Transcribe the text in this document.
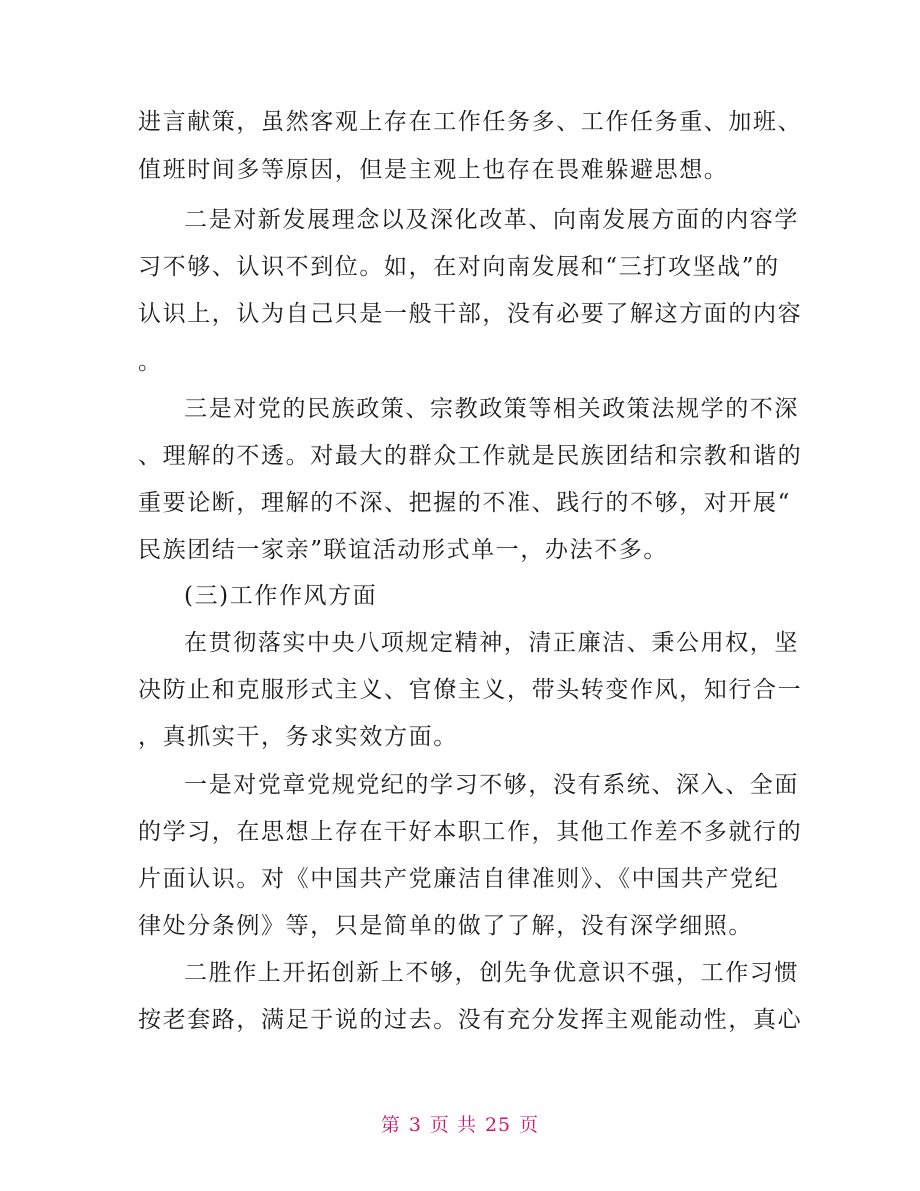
进言献策，虽然客观上存在工作任务多、工作任务重、加班、
值班时间多等原因，但是主观上也存在畏难躲避思想。
二是对新发展理念以及深化改革、向南发展方面的内容学
习不够、认识不到位。如，在对向南发展和“三打攻坚战”的
认识上，认为自己只是一般干部，没有必要了解这方面的内容
。
三是对党的民族政策、宗教政策等相关政策法规学的不深
、理解的不透。对最大的群众工作就是民族团结和宗教和谐的
重要论断，理解的不深、把握的不准、践行的不够，对开展“
民族团结一家亲”联谊活动形式单一，办法不多。
(三)工作作风方面
在贯彻落实中央八项规定精神，清正廉洁、秉公用权，坚
决防止和克服形式主义、官僚主义，带头转变作风，知行合一
，真抓实干，务求实效方面。
一是对党章党规党纪的学习不够，没有系统、深入、全面
的学习，在思想上存在干好本职工作，其他工作差不多就行的
片面认识。对《中国共产党廉洁自律准则》、《中国共产党纪
律处分条例》等，只是简单的做了了解，没有深学细照。
二胜作上开拓创新上不够，创先争优意识不强，工作习惯
按老套路，满足于说的过去。没有充分发挥主观能动性，真心
第 3 页 共 25 页
